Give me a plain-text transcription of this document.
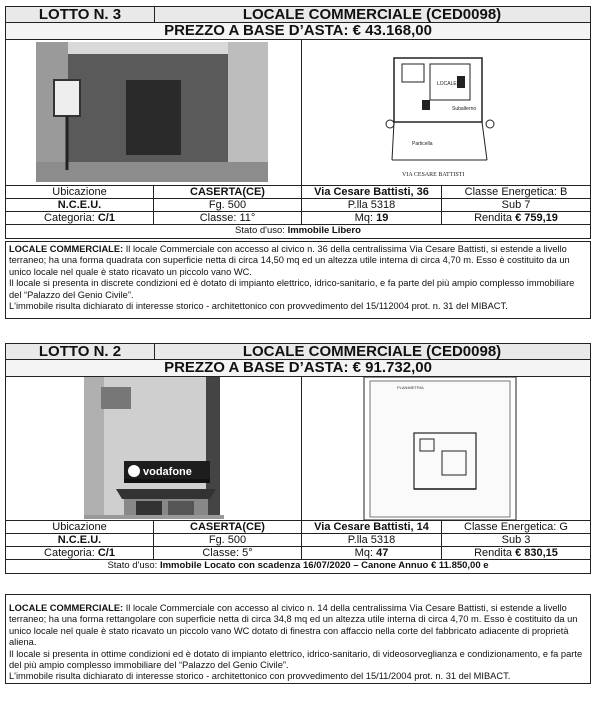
LOTTO N. 3	LOCALE COMMERCIALE (CED0098)
PREZZO A BASE D’ASTA: € 43.168,00
Particella
Subalterno
LOCALE
VIA CESARE BATTISTI
Ubicazione	CASERTA(CE)	Via Cesare Battisti, 36	Classe Energetica: B
N.C.E.U.	Fg. 500	P.lla 5318	Sub 7
Categoria: C/1	Classe: 11°	Mq: 19	Rendita € 759,19
Stato d'uso: Immobile Libero

LOCALE COMMERCIALE: Il locale Commerciale con accesso al civico n. 36 della centralissima Via Cesare Battisti, si estende a livello terraneo; ha una forma quadrata con superficie netta di circa 14,50 mq ed un altezza utile interna di circa 4,70 m. Esso è costituito da un unico locale nel quale è stato ricavato un piccolo vano WC.

Il locale si presenta in discrete condizioni ed è dotato di impianto elettrico, idrico-sanitario, e fa parte del più ampio complesso immobiliare del “Palazzo del Genio Civile”.

L'immobile risulta dichiarato di interesse storico - architettonico con provvedimento del 15/112004 prot. n. 31 del MIBACT.

LOTTO N. 2	LOCALE COMMERCIALE (CED0098)
PREZZO A BASE D’ASTA: € 91.732,00
vodafone
PLANIMETRIA
Ubicazione	CASERTA(CE)	Via Cesare Battisti, 14	Classe Energetica: G
N.C.E.U.	Fg. 500	P.lla 5318	Sub 3
Categoria: C/1	Classe: 5°	Mq: 47	Rendita € 830,15
Stato d'uso: Immobile Locato con scadenza 16/07/2020 – Canone Annuo € 11.850,00 e

LOCALE COMMERCIALE: Il locale Commerciale con accesso al civico n. 14 della centralissima Via Cesare Battisti, si estende a livello terraneo; ha una forma rettangolare con superficie netta di circa 34,8 mq ed un altezza utile interna di circa 4,70 m. Esso è costituito da un unico locale nel quale è stato ricavato un piccolo vano WC dotato di finestra con affaccio nella corte del fabbricato adiacente di proprietà aliena.

Il locale si presenta in ottime condizioni ed è dotato di impianto elettrico, idrico-sanitario, di videosorveglianza e condizionamento, e fa parte del più ampio complesso immobiliare del “Palazzo del Genio Civile”.

L'immobile risulta dichiarato di interesse storico - architettonico con provvedimento del 15/11/2004 prot. n. 31 del MIBACT.
